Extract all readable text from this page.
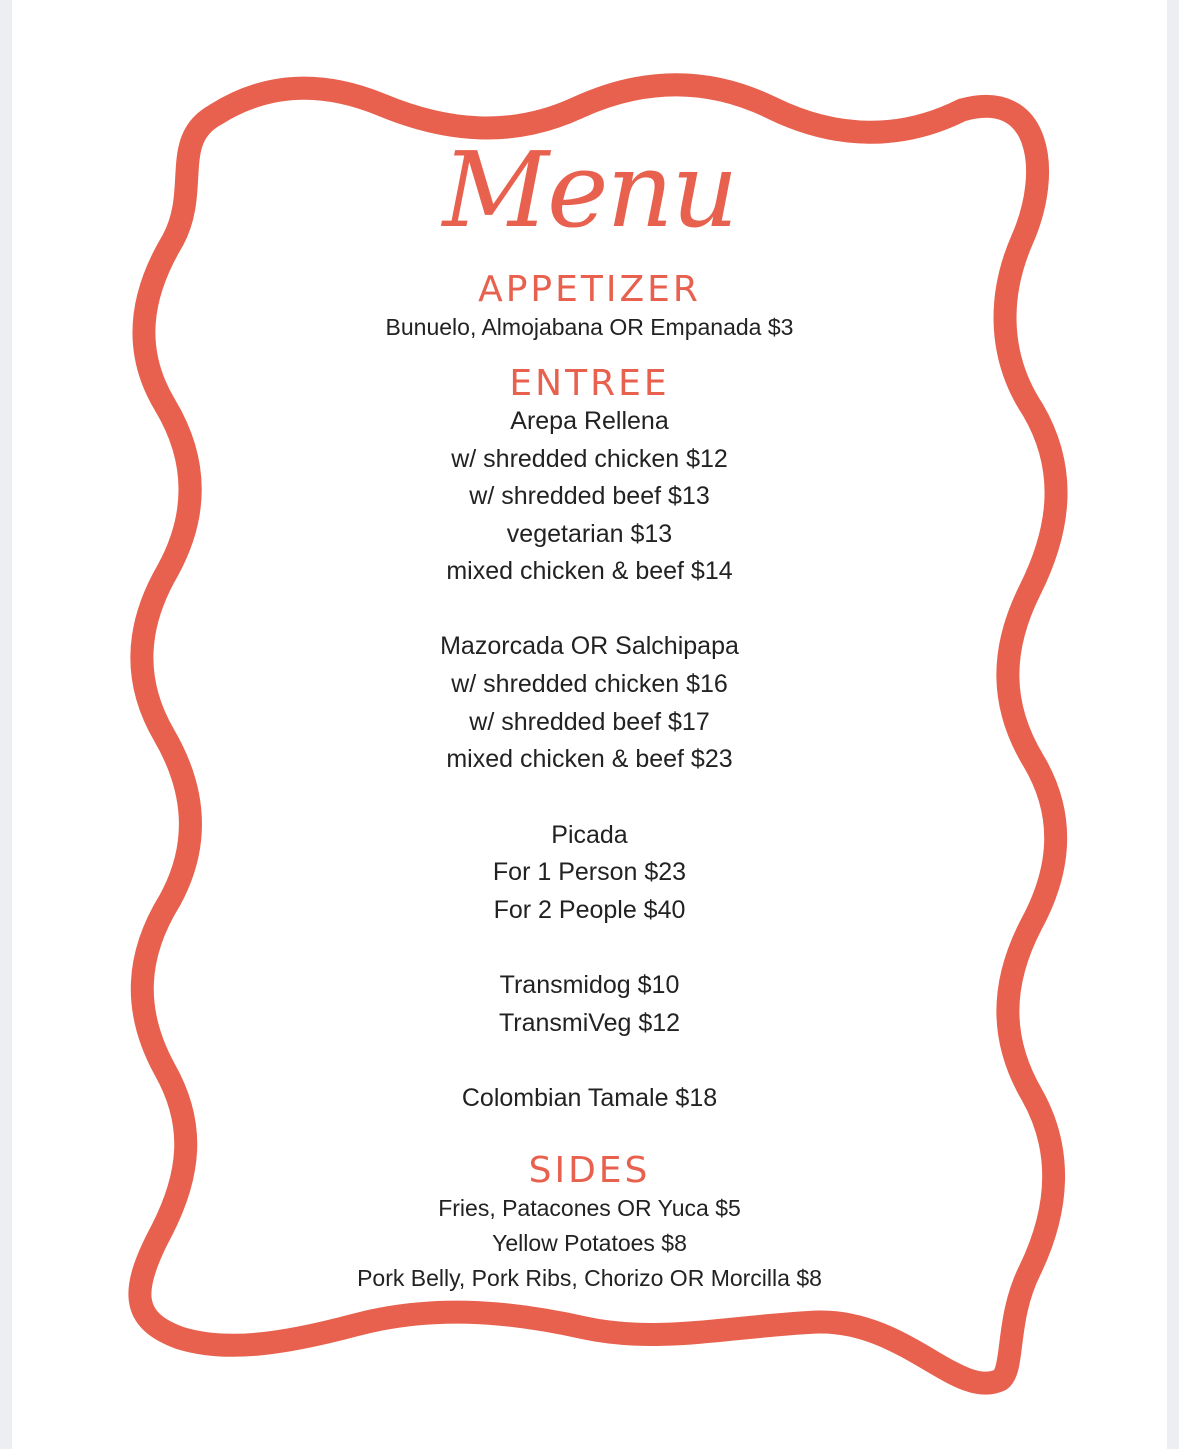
Menu
APPETIZER
Bunuelo, Almojabana OR Empanada $3
ENTREE
Arepa Rellena
w/ shredded chicken $12
w/ shredded beef $13
vegetarian $13
mixed chicken & beef $14
Mazorcada OR Salchipapa
w/ shredded chicken $16
w/ shredded beef $17
mixed chicken & beef $23
Picada
For 1 Person $23
For 2 People $40
Transmidog $10
TransmiVeg $12
Colombian Tamale $18
SIDES
Fries, Patacones OR Yuca $5
Yellow Potatoes $8
Pork Belly, Pork Ribs, Chorizo OR Morcilla $8
